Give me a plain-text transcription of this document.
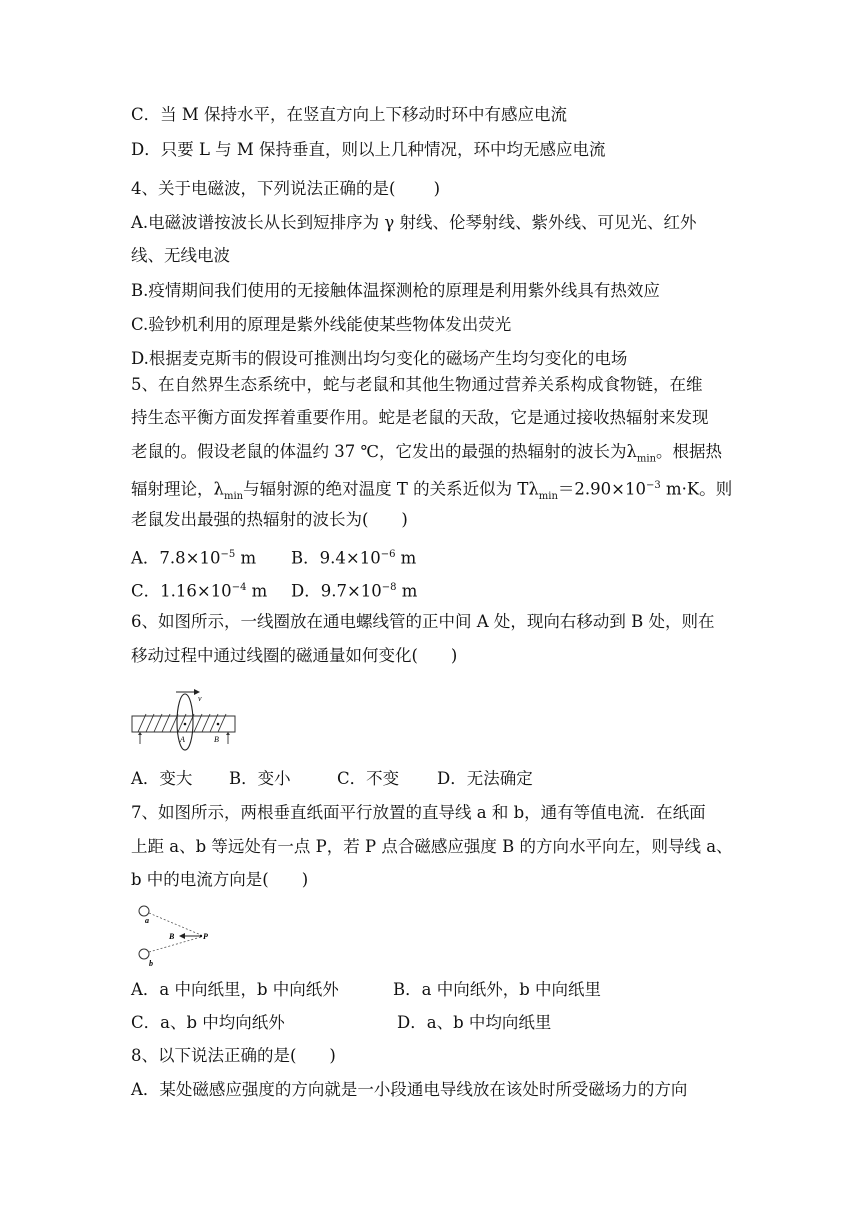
C．当 M 保持水平，在竖直方向上下移动时环中有感应电流
D．只要 L 与 M 保持垂直，则以上几种情况，环中均无感应电流
4、关于电磁波，下列说法正确的是(　　 )
A.电磁波谱按波长从长到短排序为 γ 射线、伦琴射线、紫外线、可见光、红外
线、无线电波
B.疫情期间我们使用的无接触体温探测枪的原理是利用紫外线具有热效应
C.验钞机利用的原理是紫外线能使某些物体发出荧光
D.根据麦克斯韦的假设可推测出均匀变化的磁场产生均匀变化的电场
5、在自然界生态系统中，蛇与老鼠和其他生物通过营养关系构成食物链，在维
持生态平衡方面发挥着重要作用。蛇是老鼠的天敌，它是通过接收热辐射来发现
老鼠的。假设老鼠的体温约 37 ℃，它发出的最强的热辐射的波长为$\lambda_{min}$。根据热
辐射理论，$\lambda_{min}$与辐射源的绝对温度 T 的关系近似为 $T\lambda_{min}=2.90\times 10^{-3}$ m·K。则
老鼠发出最强的热辐射的波长为(　　)
A．$7.8\times 10^{-5}$ m B．$9.4\times 10^{-6}$ m
C．$1.16\times 10^{-4}$ m D．$9.7\times 10^{-8}$ m
6、如图所示，一线圈放在通电螺线管的正中间 A 处，现向右移动到 B 处，则在
移动过程中通过线圈的磁通量如何变化(　　)
v
A	B
A．变大 B．变小	C．不变 D．无法确定
7、如图所示，两根垂直纸面平行放置的直导线 a 和 b，通有等值电流．在纸面
上距 a、b 等远处有一点 P，若 P 点合磁感应强度 B 的方向水平向左，则导线 a、
b 中的电流方向是(　　)
a
b
B	P
A．a 中向纸里，b 中向纸外	B．a 中向纸外，b 中向纸里
C．a、b 中均向纸外	D．a、b 中均向纸里
8、以下说法正确的是(　　)
A．某处磁感应强度的方向就是一小段通电导线放在该处时所受磁场力的方向
